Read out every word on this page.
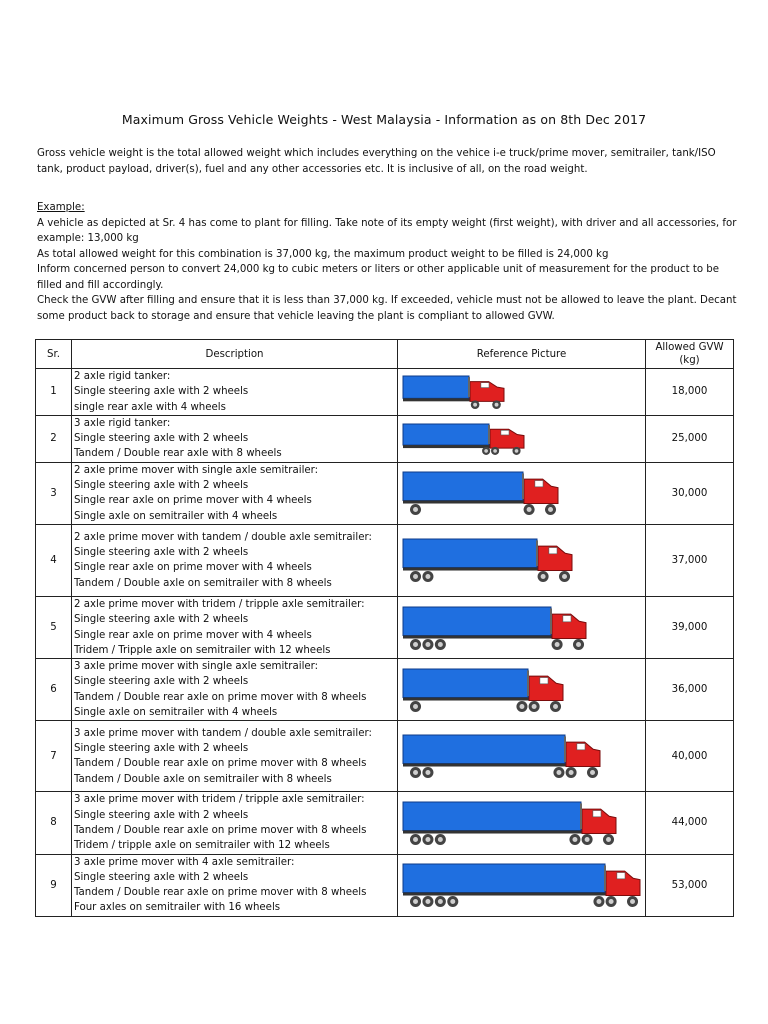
Maximum Gross Vehicle Weights - West Malaysia - Information as on 8th Dec 2017

Gross vehicle weight is the total allowed weight which includes everything on the vehice i-e truck/prime mover, semitrailer, tank/ISO tank, product payload, driver(s), fuel and any other accessories etc. It is inclusive of all, on the road weight.

Example:

A vehicle as depicted at Sr. 4 has come to plant for filling. Take note of its empty weight (first weight), with driver and all accessories, for example: 13,000 kg

As total allowed weight for this combination is 37,000 kg, the maximum product weight to be filled is 24,000 kg

Inform concerned person to convert 24,000 kg to cubic meters or liters or other applicable unit of measurement for the product to be filled and fill accordingly.

Check the GVW after filling and ensure that it is less than 37,000 kg. If exceeded, vehicle must not be allowed to leave the plant. Decant some product back to storage and ensure that vehicle leaving the plant is compliant to allowed GVW.

Sr.	Description	Reference Picture	Allowed GVW (kg)
1	2 axle rigid tanker:
Single steering axle with 2 wheels
single rear axle with 4 wheels		18,000
2	3 axle rigid tanker:
Single steering axle with 2 wheels
Tandem / Double rear axle with 8 wheels		25,000
3	2 axle prime mover with single axle semitrailer:
Single steering axle with 2 wheels
Single rear axle on prime mover with 4 wheels
Single axle on semitrailer with 4 wheels		30,000
4	2 axle prime mover with tandem / double axle semitrailer:
Single steering axle with 2 wheels
Single rear axle on prime mover with 4 wheels
Tandem / Double axle on semitrailer with 8 wheels		37,000
5	2 axle prime mover with tridem / tripple axle semitrailer:
Single steering axle with 2 wheels
Single rear axle on prime mover with 4 wheels
Tridem / Tripple axle on semitrailer with 12 wheels		39,000
6	3 axle prime mover with single axle semitrailer:
Single steering axle with 2 wheels
Tandem / Double rear axle on prime mover with 8 wheels
Single axle on semitrailer with 4 wheels		36,000
7	3 axle prime mover with tandem / double axle semitrailer:
Single steering axle with 2 wheels
Tandem / Double rear axle on prime mover with 8 wheels
Tandem / Double axle on semitrailer with 8 wheels		40,000
8	3 axle prime mover with tridem / tripple axle semitrailer:
Single steering axle with 2 wheels
Tandem / Double rear axle on prime mover with 8 wheels
Tridem / tripple axle on semitrailer with 12 wheels		44,000
9	3 axle prime mover with 4 axle semitrailer:
Single steering axle with 2 wheels
Tandem / Double rear axle on prime mover with 8 wheels
Four axles on semitrailer with 16 wheels		53,000
